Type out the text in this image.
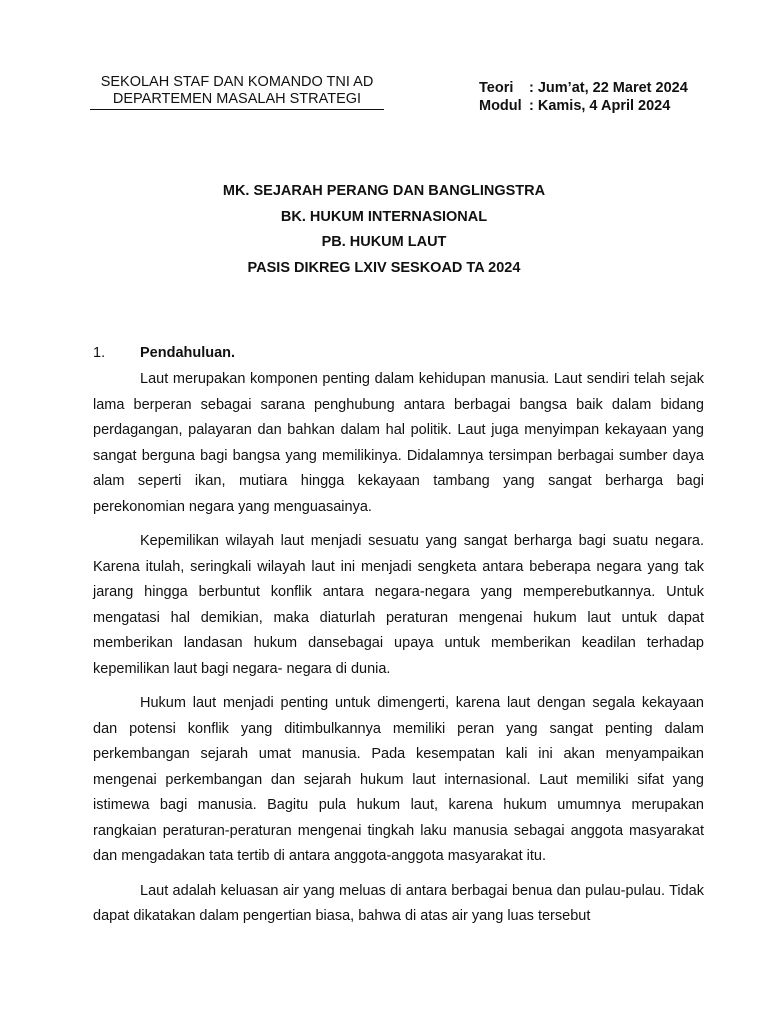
SEKOLAH STAF DAN KOMANDO TNI AD
DEPARTEMEN MASALAH STRATEGI
Teori : Jum’at, 22 Maret 2024
Modul : Kamis, 4 April 2024
MK. SEJARAH PERANG DAN BANGLINGSTRA
BK. HUKUM INTERNASIONAL
PB. HUKUM LAUT
PASIS DIKREG LXIV SESKOAD TA 2024
1. Pendahuluan.

Laut merupakan komponen penting dalam kehidupan manusia. Laut sendiri telah sejak lama berperan sebagai sarana penghubung antara berbagai bangsa baik dalam bidang perdagangan, palayaran dan bahkan dalam hal politik. Laut juga menyimpan kekayaan yang sangat berguna bagi bangsa yang memilikinya. Didalamnya tersimpan berbagai sumber daya alam seperti ikan, mutiara hingga kekayaan tambang yang sangat berharga bagi perekonomian negara yang menguasainya.

Kepemilikan wilayah laut menjadi sesuatu yang sangat berharga bagi suatu negara. Karena itulah, seringkali wilayah laut ini menjadi sengketa antara beberapa negara yang tak jarang hingga berbuntut konflik antara negara-negara yang memperebutkannya. Untuk mengatasi hal demikian, maka diaturlah peraturan mengenai hukum laut untuk dapat memberikan landasan hukum dansebagai upaya untuk memberikan keadilan terhadap kepemilikan laut bagi negara- negara di dunia.

Hukum laut menjadi penting untuk dimengerti, karena laut dengan segala kekayaan dan potensi konflik yang ditimbulkannya memiliki peran yang sangat penting dalam perkembangan sejarah umat manusia. Pada kesempatan kali ini akan menyampaikan mengenai perkembangan dan sejarah hukum laut internasional. Laut memiliki sifat yang istimewa bagi manusia. Bagitu pula hukum laut, karena hukum umumnya merupakan rangkaian peraturan-peraturan mengenai tingkah laku manusia sebagai anggota masyarakat dan mengadakan tata tertib di antara anggota-anggota masyarakat itu.

Laut adalah keluasan air yang meluas di antara berbagai benua dan pulau-pulau. Tidak dapat dikatakan dalam pengertian biasa, bahwa di atas air yang luas tersebut
